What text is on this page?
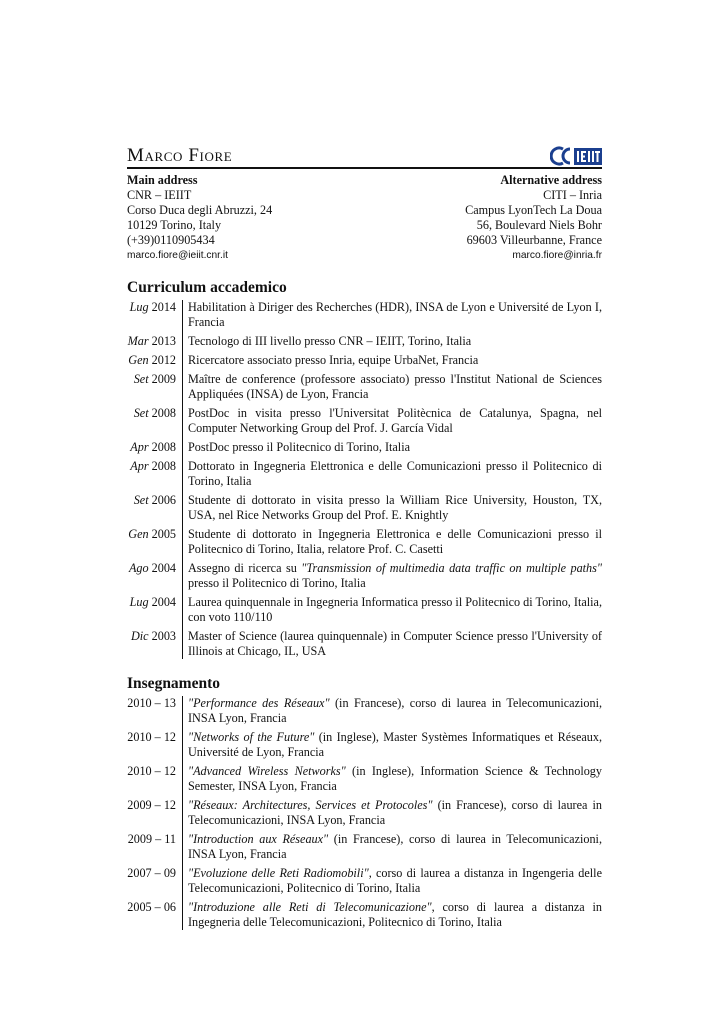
Marco Fiore
Main address
CNR – IEIIT
Corso Duca degli Abruzzi, 24
10129 Torino, Italy
(+39)0110905434
marco.fiore@ieiit.cnr.it
Alternative address
CITI – Inria
Campus LyonTech La Doua
56, Boulevard Niels Bohr
69603 Villeurbanne, France
marco.fiore@inria.fr
Curriculum accademico
Lug 2014 Habilitation à Diriger des Recherches (HDR), INSA de Lyon e Université de Lyon I, Francia
Mar 2013 Tecnologo di III livello presso CNR – IEIIT, Torino, Italia
Gen 2012 Ricercatore associato presso Inria, equipe UrbaNet, Francia
Set 2009 Maître de conference (professore associato) presso l'Institut National de Sciences Appliquées (INSA) de Lyon, Francia
Set 2008 PostDoc in visita presso l'Universitat Politècnica de Catalunya, Spagna, nel Computer Networking Group del Prof. J. García Vidal
Apr 2008 PostDoc presso il Politecnico di Torino, Italia
Apr 2008 Dottorato in Ingegneria Elettronica e delle Comunicazioni presso il Politecnico di Torino, Italia
Set 2006 Studente di dottorato in visita presso la William Rice University, Houston, TX, USA, nel Rice Networks Group del Prof. E. Knightly
Gen 2005 Studente di dottorato in Ingegneria Elettronica e delle Comunicazioni presso il Politecnico di Torino, Italia, relatore Prof. C. Casetti
Ago 2004 Assegno di ricerca su "Transmission of multimedia data traffic on multiple paths" presso il Politecnico di Torino, Italia
Lug 2004 Laurea quinquennale in Ingegneria Informatica presso il Politecnico di Torino, Italia, con voto 110/110
Dic 2003 Master of Science (laurea quinquennale) in Computer Science presso l'University of Illinois at Chicago, IL, USA
Insegnamento
2010 – 13 "Performance des Réseaux" (in Francese), corso di laurea in Telecomunicazioni, INSA Lyon, Francia
2010 – 12 "Networks of the Future" (in Inglese), Master Systèmes Informatiques et Réseaux, Université de Lyon, Francia
2010 – 12 "Advanced Wireless Networks" (in Inglese), Information Science & Technology Semester, INSA Lyon, Francia
2009 – 12 "Réseaux: Architectures, Services et Protocoles" (in Francese), corso di laurea in Telecomunicazioni, INSA Lyon, Francia
2009 – 11 "Introduction aux Réseaux" (in Francese), corso di laurea in Telecomunicazioni, INSA Lyon, Francia
2007 – 09 "Evoluzione delle Reti Radiomobili", corso di laurea a distanza in Ingengeria delle Telecomunicazioni, Politecnico di Torino, Italia
2005 – 06 "Introduzione alle Reti di Telecomunicazione", corso di laurea a distanza in Ingegneria delle Telecomunicazioni, Politecnico di Torino, Italia
